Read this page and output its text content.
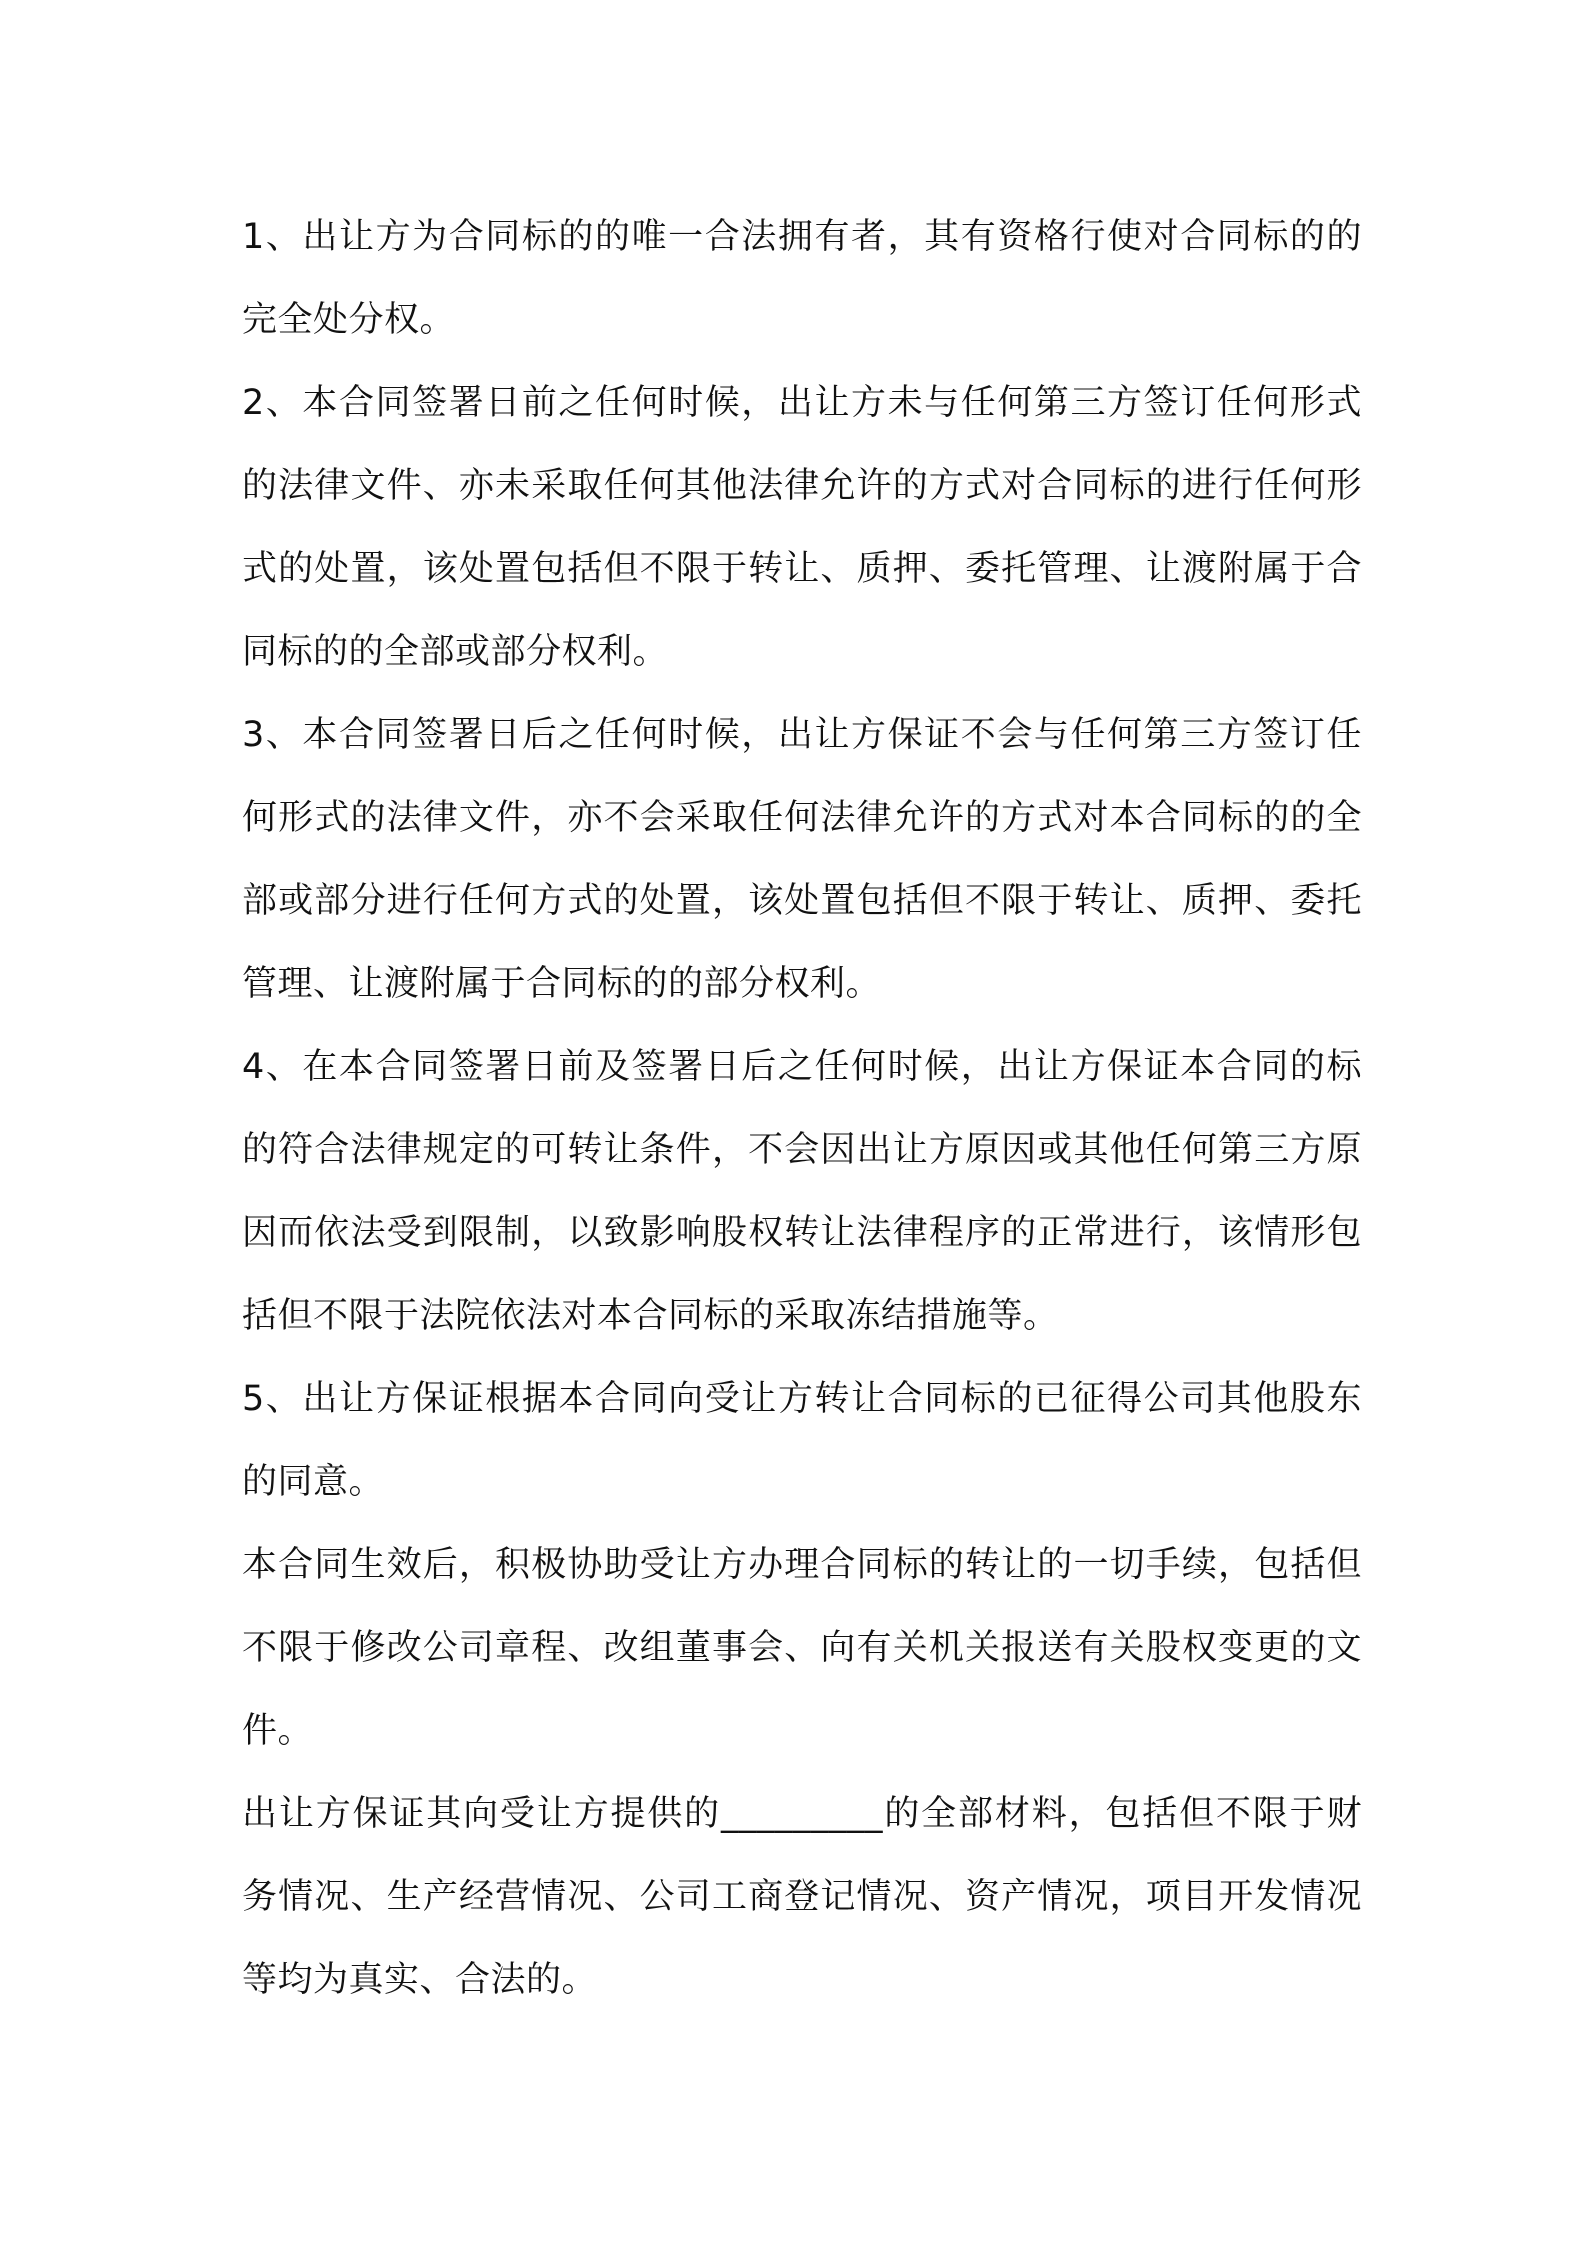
1、出让方为合同标的的唯一合法拥有者，其有资格行使对合同标的的完全处分权。

2、本合同签署日前之任何时候，出让方未与任何第三方签订任何形式的法律文件、亦未采取任何其他法律允许的方式对合同标的进行任何形式的处置，该处置包括但不限于转让、质押、委托管理、让渡附属于合同标的的全部或部分权利。

3、本合同签署日后之任何时候，出让方保证不会与任何第三方签订任何形式的法律文件，亦不会采取任何法律允许的方式对本合同标的的全部或部分进行任何方式的处置，该处置包括但不限于转让、质押、委托管理、让渡附属于合同标的的部分权利。

4、在本合同签署日前及签署日后之任何时候，出让方保证本合同的标的符合法律规定的可转让条件，不会因出让方原因或其他任何第三方原因而依法受到限制，以致影响股权转让法律程序的正常进行，该情形包括但不限于法院依法对本合同标的采取冻结措施等。

5、出让方保证根据本合同向受让方转让合同标的已征得公司其他股东的同意。

本合同生效后，积极协助受让方办理合同标的转让的一切手续，包括但不限于修改公司章程、改组董事会、向有关机关报送有关股权变更的文件。

出让方保证其向受让方提供的_________的全部材料，包括但不限于财务情况、生产经营情况、公司工商登记情况、资产情况，项目开发情况等均为真实、合法的。
